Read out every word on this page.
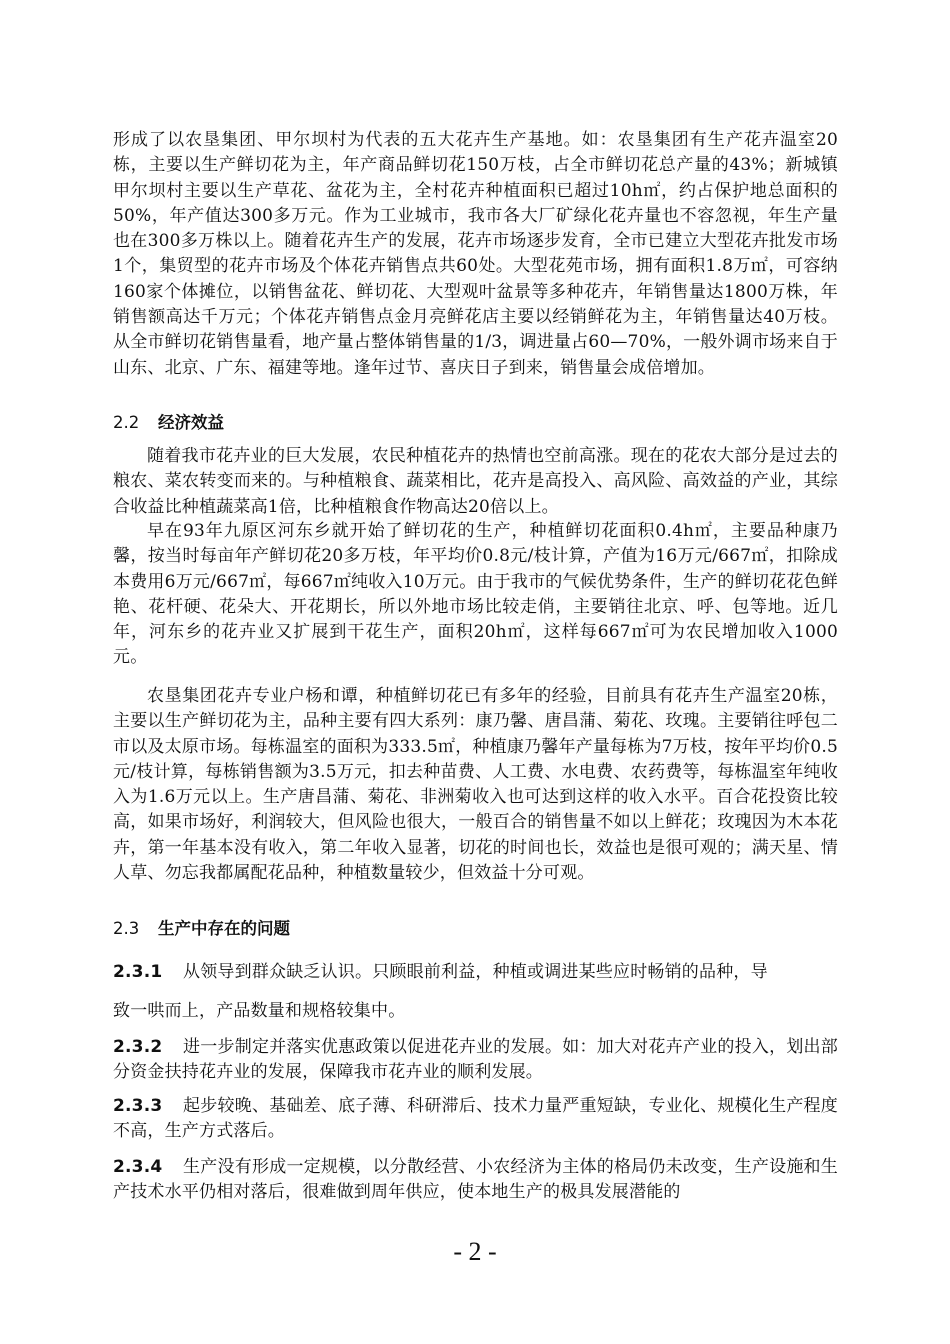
形成了以农垦集团、甲尔坝村为代表的五大花卉生产基地。如：农垦集团有生产花卉温室20栋，主要以生产鲜切花为主，年产商品鲜切花150万枝，占全市鲜切花总产量的43%；新城镇甲尔坝村主要以生产草花、盆花为主，全村花卉种植面积已超过10h㎡，约占保护地总面积的50%，年产值达300多万元。作为工业城市，我市各大厂矿绿化花卉量也不容忽视，年生产量也在300多万株以上。随着花卉生产的发展，花卉市场逐步发育，全市已建立大型花卉批发市场1个，集贸型的花卉市场及个体花卉销售点共60处。大型花苑市场，拥有面积1.8万㎡，可容纳160家个体摊位，以销售盆花、鲜切花、大型观叶盆景等多种花卉，年销售量达1800万株，年销售额高达千万元；个体花卉销售点金月亮鲜花店主要以经销鲜花为主，年销售量达40万枝。从全市鲜切花销售量看，地产量占整体销售量的1/3，调进量占60—70%，一般外调市场来自于山东、北京、广东、福建等地。逢年过节、喜庆日子到来，销售量会成倍增加。

2.2 经济效益

随着我市花卉业的巨大发展，农民种植花卉的热情也空前高涨。现在的花农大部分是过去的粮农、菜农转变而来的。与种植粮食、蔬菜相比，花卉是高投入、高风险、高效益的产业，其综合收益比种植蔬菜高1倍，比种植粮食作物高达20倍以上。

早在93年九原区河东乡就开始了鲜切花的生产，种植鲜切花面积0.4h㎡，主要品种康乃馨，按当时每亩年产鲜切花20多万枝，年平均价0.8元/枝计算，产值为16万元/667㎡，扣除成本费用6万元/667㎡，每667㎡纯收入10万元。由于我市的气候优势条件，生产的鲜切花花色鲜艳、花杆硬、花朵大、开花期长，所以外地市场比较走俏，主要销往北京、呼、包等地。近几年，河东乡的花卉业又扩展到干花生产，面积20h㎡，这样每667㎡可为农民增加收入1000元。

农垦集团花卉专业户杨和谭，种植鲜切花已有多年的经验，目前具有花卉生产温室20栋，主要以生产鲜切花为主，品种主要有四大系列：康乃馨、唐昌蒲、菊花、玫瑰。主要销往呼包二市以及太原市场。每栋温室的面积为333.5㎡，种植康乃馨年产量每栋为7万枝，按年平均价0.5元/枝计算，每栋销售额为3.5万元，扣去种苗费、人工费、水电费、农药费等，每栋温室年纯收入为1.6万元以上。生产唐昌蒲、菊花、非洲菊收入也可达到这样的收入水平。百合花投资比较高，如果市场好，利润较大，但风险也很大，一般百合的销售量不如以上鲜花；玫瑰因为木本花卉，第一年基本没有收入，第二年收入显著，切花的时间也长，效益也是很可观的；满天星、情人草、勿忘我都属配花品种，种植数量较少，但效益十分可观。

2.3 生产中存在的问题
2.3.1 从领导到群众缺乏认识。只顾眼前利益，种植或调进某些应时畅销的品种，导
致一哄而上，产品数量和规格较集中。
2.3.2 进一步制定并落实优惠政策以促进花卉业的发展。如：加大对花卉产业的投入，划出部分资金扶持花卉业的发展，保障我市花卉业的顺利发展。
2.3.3 起步较晚、基础差、底子薄、科研滞后、技术力量严重短缺，专业化、规模化生产程度不高，生产方式落后。
2.3.4 生产没有形成一定规模，以分散经营、小农经济为主体的格局仍未改变，生产设施和生产技术水平仍相对落后，很难做到周年供应，使本地生产的极具发展潜能的
- 2 -
